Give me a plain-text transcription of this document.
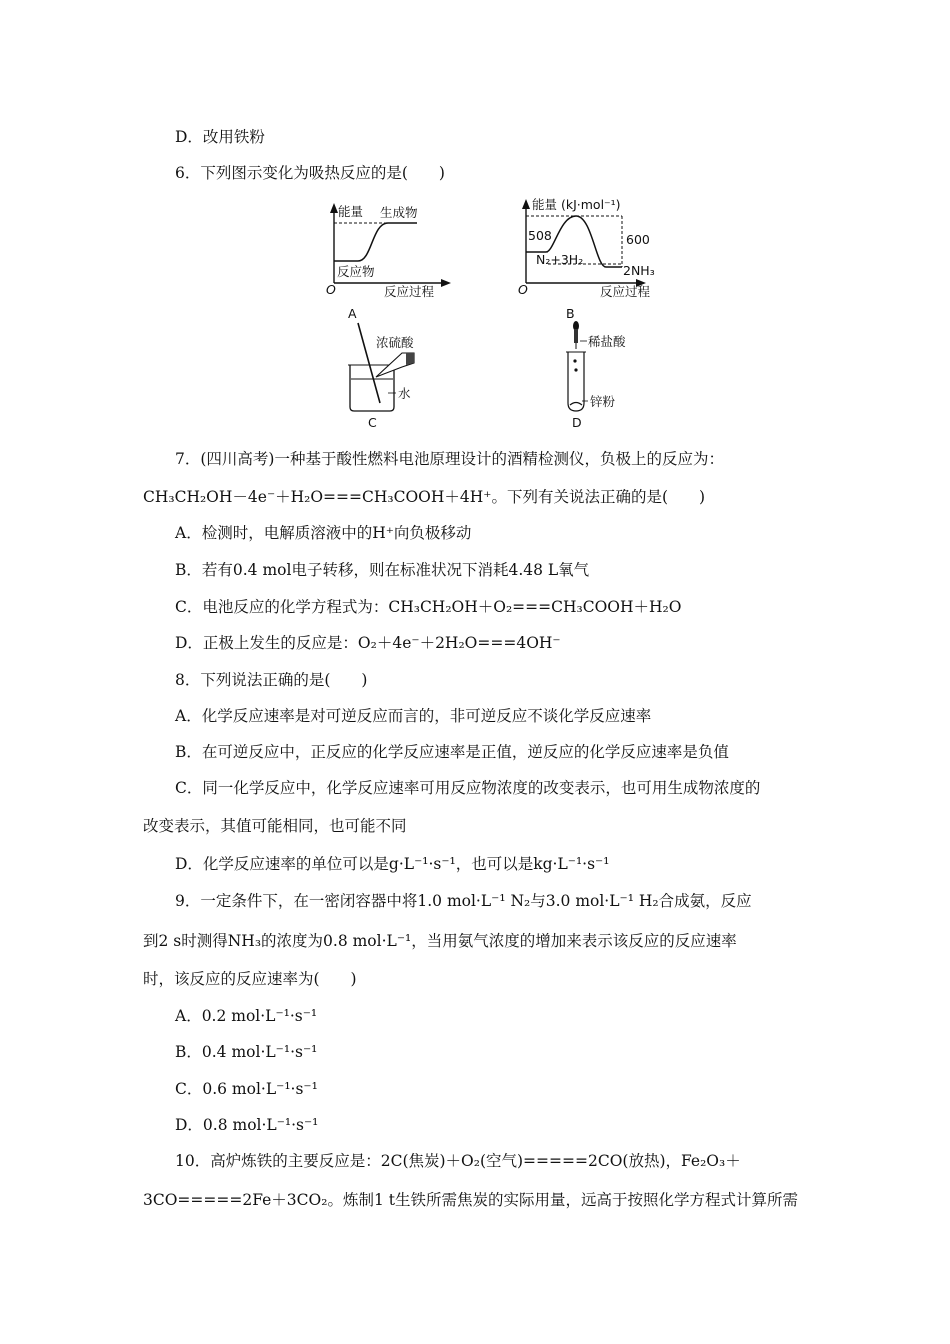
D．改用铁粉
6．下列图示变化为吸热反应的是(　　)
能量 生成物
反应物
O	反应过程
A
能量 (kJ·mol⁻¹)
508	600
N₂+3H₂
2NH₃
O	反应过程
B
浓硫酸
水
C
稀盐酸
锌粉
D
7．(四川高考)一种基于酸性燃料电池原理设计的酒精检测仪，负极上的反应为：
CH₃CH₂OH－4e⁻＋H₂O===CH₃COOH＋4H⁺。下列有关说法正确的是(　　)
A．检测时，电解质溶液中的H⁺向负极移动
B．若有0.4 mol电子转移，则在标准状况下消耗4.48 L氧气
C．电池反应的化学方程式为：CH₃CH₂OH＋O₂===CH₃COOH＋H₂O
D．正极上发生的反应是：O₂＋4e⁻＋2H₂O===4OH⁻
8．下列说法正确的是(　　)
A．化学反应速率是对可逆反应而言的，非可逆反应不谈化学反应速率
B．在可逆反应中，正反应的化学反应速率是正值，逆反应的化学反应速率是负值
C．同一化学反应中，化学反应速率可用反应物浓度的改变表示，也可用生成物浓度的
改变表示，其值可能相同，也可能不同
D．化学反应速率的单位可以是g·L⁻¹·s⁻¹，也可以是kg·L⁻¹·s⁻¹
9．一定条件下，在一密闭容器中将1.0 mol·L⁻¹ N₂与3.0 mol·L⁻¹ H₂合成氨，反应
到2 s时测得NH₃的浓度为0.8 mol·L⁻¹，当用氨气浓度的增加来表示该反应的反应速率
时，该反应的反应速率为(　　)
A．0.2 mol·L⁻¹·s⁻¹
B．0.4 mol·L⁻¹·s⁻¹
C．0.6 mol·L⁻¹·s⁻¹
D．0.8 mol·L⁻¹·s⁻¹
10．高炉炼铁的主要反应是：2C(焦炭)＋O₂(空气)=====2CO(放热)，Fe₂O₃＋
3CO=====2Fe＋3CO₂。炼制1 t生铁所需焦炭的实际用量，远高于按照化学方程式计算所需
